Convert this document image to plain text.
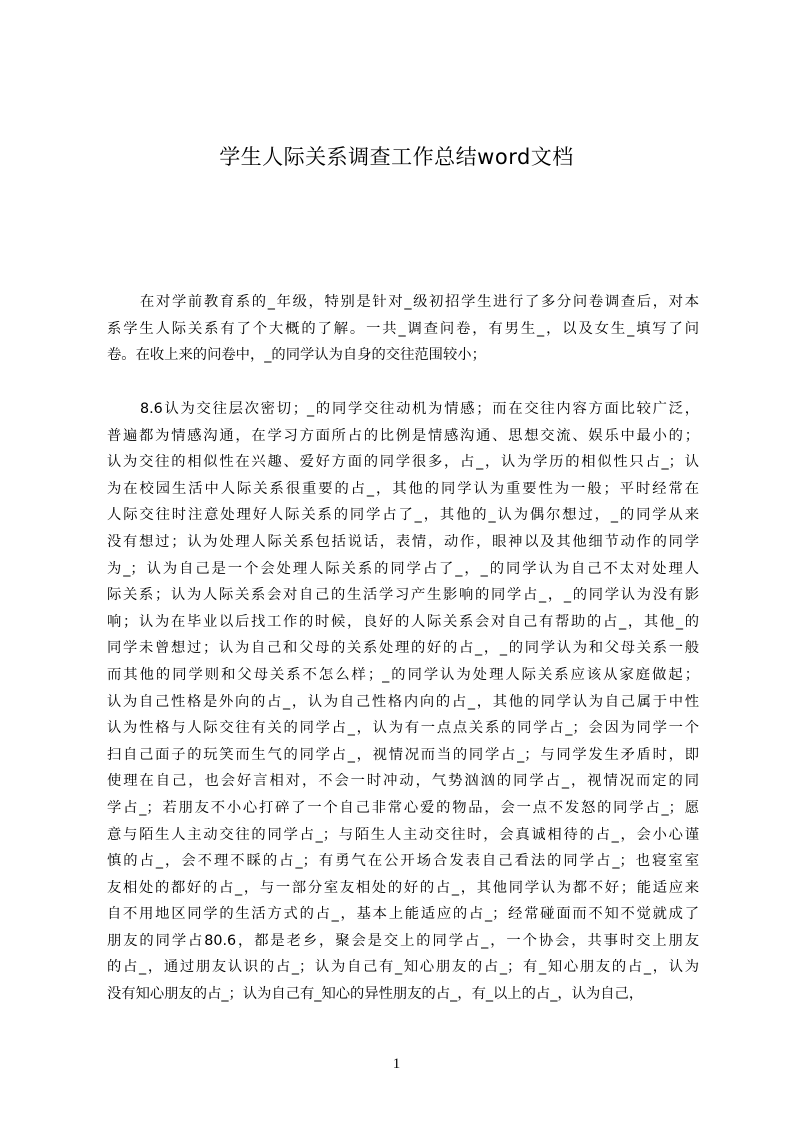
学生人际关系调查工作总结word文档
在对学前教育系的_年级，特别是针对_级初招学生进行了多分问卷调查后，对本
系学生人际关系有了个大概的了解。一共_调查问卷，有男生_，以及女生_填写了问
卷。在收上来的问卷中，_的同学认为自身的交往范围较小；
8.6认为交往层次密切；_的同学交往动机为情感；而在交往内容方面比较广泛，
普遍都为情感沟通，在学习方面所占的比例是情感沟通、思想交流、娱乐中最小的；
认为交往的相似性在兴趣、爱好方面的同学很多，占_，认为学历的相似性只占_；认
为在校园生活中人际关系很重要的占_，其他的同学认为重要性为一般；平时经常在
人际交往时注意处理好人际关系的同学占了_，其他的_认为偶尔想过，_的同学从来
没有想过；认为处理人际关系包括说话，表情，动作，眼神以及其他细节动作的同学
为_；认为自己是一个会处理人际关系的同学占了_，_的同学认为自己不太对处理人
际关系；认为人际关系会对自己的生活学习产生影响的同学占_，_的同学认为没有影
响；认为在毕业以后找工作的时候，良好的人际关系会对自己有帮助的占_，其他_的
同学未曾想过；认为自己和父母的关系处理的好的占_，_的同学认为和父母关系一般
而其他的同学则和父母关系不怎么样；_的同学认为处理人际关系应该从家庭做起；
认为自己性格是外向的占_，认为自己性格内向的占_，其他的同学认为自己属于中性
认为性格与人际交往有关的同学占_，认为有一点点关系的同学占_；会因为同学一个
扫自己面子的玩笑而生气的同学占_，视情况而当的同学占_；与同学发生矛盾时，即
使理在自己，也会好言相对，不会一时冲动，气势汹汹的同学占_，视情况而定的同
学占_；若朋友不小心打碎了一个自己非常心爱的物品，会一点不发怒的同学占_；愿
意与陌生人主动交往的同学占_；与陌生人主动交往时，会真诚相待的占_，会小心谨
慎的占_，会不理不睬的占_；有勇气在公开场合发表自己看法的同学占_；也寝室室
友相处的都好的占_，与一部分室友相处的好的占_，其他同学认为都不好；能适应来
自不用地区同学的生活方式的占_，基本上能适应的占_；经常碰面而不知不觉就成了
朋友的同学占80.6，都是老乡，聚会是交上的同学占_，一个协会，共事时交上朋友
的占_，通过朋友认识的占_；认为自己有_知心朋友的占_；有_知心朋友的占_，认为
没有知心朋友的占_；认为自己有_知心的异性朋友的占_，有_以上的占_，认为自己，
1
